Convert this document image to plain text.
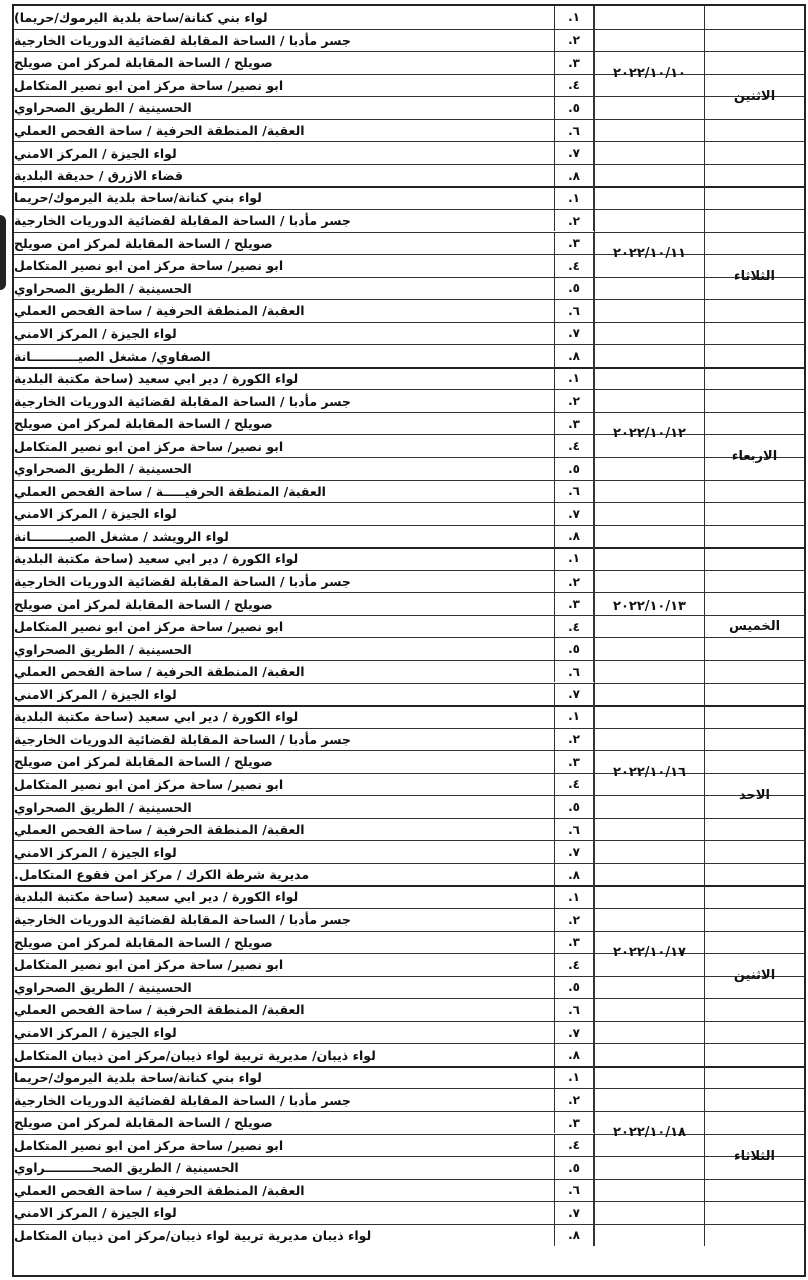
لواء بني كنانة/ساحة بلدية اليرموك/حريما)	١.
جسر مأدبا / الساحة المقابلة لقضائية الدوريات الخارجية	٢.
صويلح / الساحة المقابلة لمركز امن صويلح	٣.
ابو نصير/ ساحة مركز امن ابو نصير المتكامل	٤.
الحسينية / الطريق الصحراوي	٥.
العقبة/ المنطقة الحرفية / ساحة الفحص العملي	٦.
لواء الجيزة / المركز الامني	٧.
قضاء الازرق / حديقة البلدية	٨.
٢٠٢٢/١٠/١٠
الاثنين
لواء بني كنانة/ساحة بلدية اليرموك/حريما	١.
جسر مأدبا / الساحة المقابلة لقضائية الدوريات الخارجية	٢.
صويلح / الساحة المقابلة لمركز امن صويلح	٣.
ابو نصير/ ساحة مركز امن ابو نصير المتكامل	٤.
الحسينية / الطريق الصحراوي	٥.
العقبة/ المنطقة الحرفية / ساحة الفحص العملي	٦.
لواء الجيزة / المركز الامني	٧.
الصفاوي/ مشغل الصيـــــــــــانة	٨.
٢٠٢٢/١٠/١١
الثلاثاء
لواء الكورة / دير ابي سعيد (ساحة مكتبة البلدية	١.
جسر مأدبا / الساحة المقابلة لقضائية الدوريات الخارجية	٢.
صويلح / الساحة المقابلة لمركز امن صويلح	٣.
ابو نصير/ ساحة مركز امن ابو نصير المتكامل	٤.
الحسينية / الطريق الصحراوي	٥.
العقبة/ المنطقة الحرفيـــــة / ساحة الفحص العملي	٦.
لواء الجيزة / المركز الامني	٧.
لواء الرويشد / مشغل الصيـــــــــانة	٨.
٢٠٢٢/١٠/١٢
الاربعاء
لواء الكورة / دير ابي سعيد (ساحة مكتبة البلدية	١.
جسر مأدبا / الساحة المقابلة لقضائية الدوريات الخارجية	٢.
صويلح / الساحة المقابلة لمركز امن صويلح	٣.
ابو نصير/ ساحة مركز امن ابو نصير المتكامل	٤.
الحسينية / الطريق الصحراوي	٥.
العقبة/ المنطقة الحرفية / ساحة الفحص العملي	٦.
لواء الجيزة / المركز الامني	٧.
٢٠٢٢/١٠/١٣
الخميس
لواء الكورة / دير ابي سعيد (ساحة مكتبة البلدية	١.
جسر مأدبا / الساحة المقابلة لقضائية الدوريات الخارجية	٢.
صويلح / الساحة المقابلة لمركز امن صويلح	٣.
ابو نصير/ ساحة مركز امن ابو نصير المتكامل	٤.
الحسينية / الطريق الصحراوي	٥.
العقبة/ المنطقة الحرفية / ساحة الفحص العملي	٦.
لواء الجيزة / المركز الامني	٧.
مديرية شرطة الكرك / مركز امن فقوع المتكامل.	٨.
٢٠٢٢/١٠/١٦
الاحد
لواء الكورة / دير ابي سعيد (ساحة مكتبة البلدية	١.
جسر مأدبا / الساحة المقابلة لقضائية الدوريات الخارجية	٢.
صويلح / الساحة المقابلة لمركز امن صويلح	٣.
ابو نصير/ ساحة مركز امن ابو نصير المتكامل	٤.
الحسينية / الطريق الصحراوي	٥.
العقبة/ المنطقة الحرفية / ساحة الفحص العملي	٦.
لواء الجيزة / المركز الامني	٧.
لواء ذيبان/ مديرية تربية لواء ذيبان/مركز امن ذيبان المتكامل	٨.
٢٠٢٢/١٠/١٧
الاثنين
لواء بني كنانة/ساحة بلدية اليرموك/حريما	١.
جسر مأدبا / الساحة المقابلة لقضائية الدوريات الخارجية	٢.
صويلح / الساحة المقابلة لمركز امن صويلح	٣.
ابو نصير/ ساحة مركز امن ابو نصير المتكامل	٤.
الحسينية / الطريق الصحـــــــــــراوي	٥.
العقبة/ المنطقة الحرفية / ساحة الفحص العملي	٦.
لواء الجيزة / المركز الامني	٧.
لواء ذيبان مديرية تربية لواء ذيبان/مركز امن ذيبان المتكامل	٨.
٢٠٢٢/١٠/١٨
الثلاثاء
